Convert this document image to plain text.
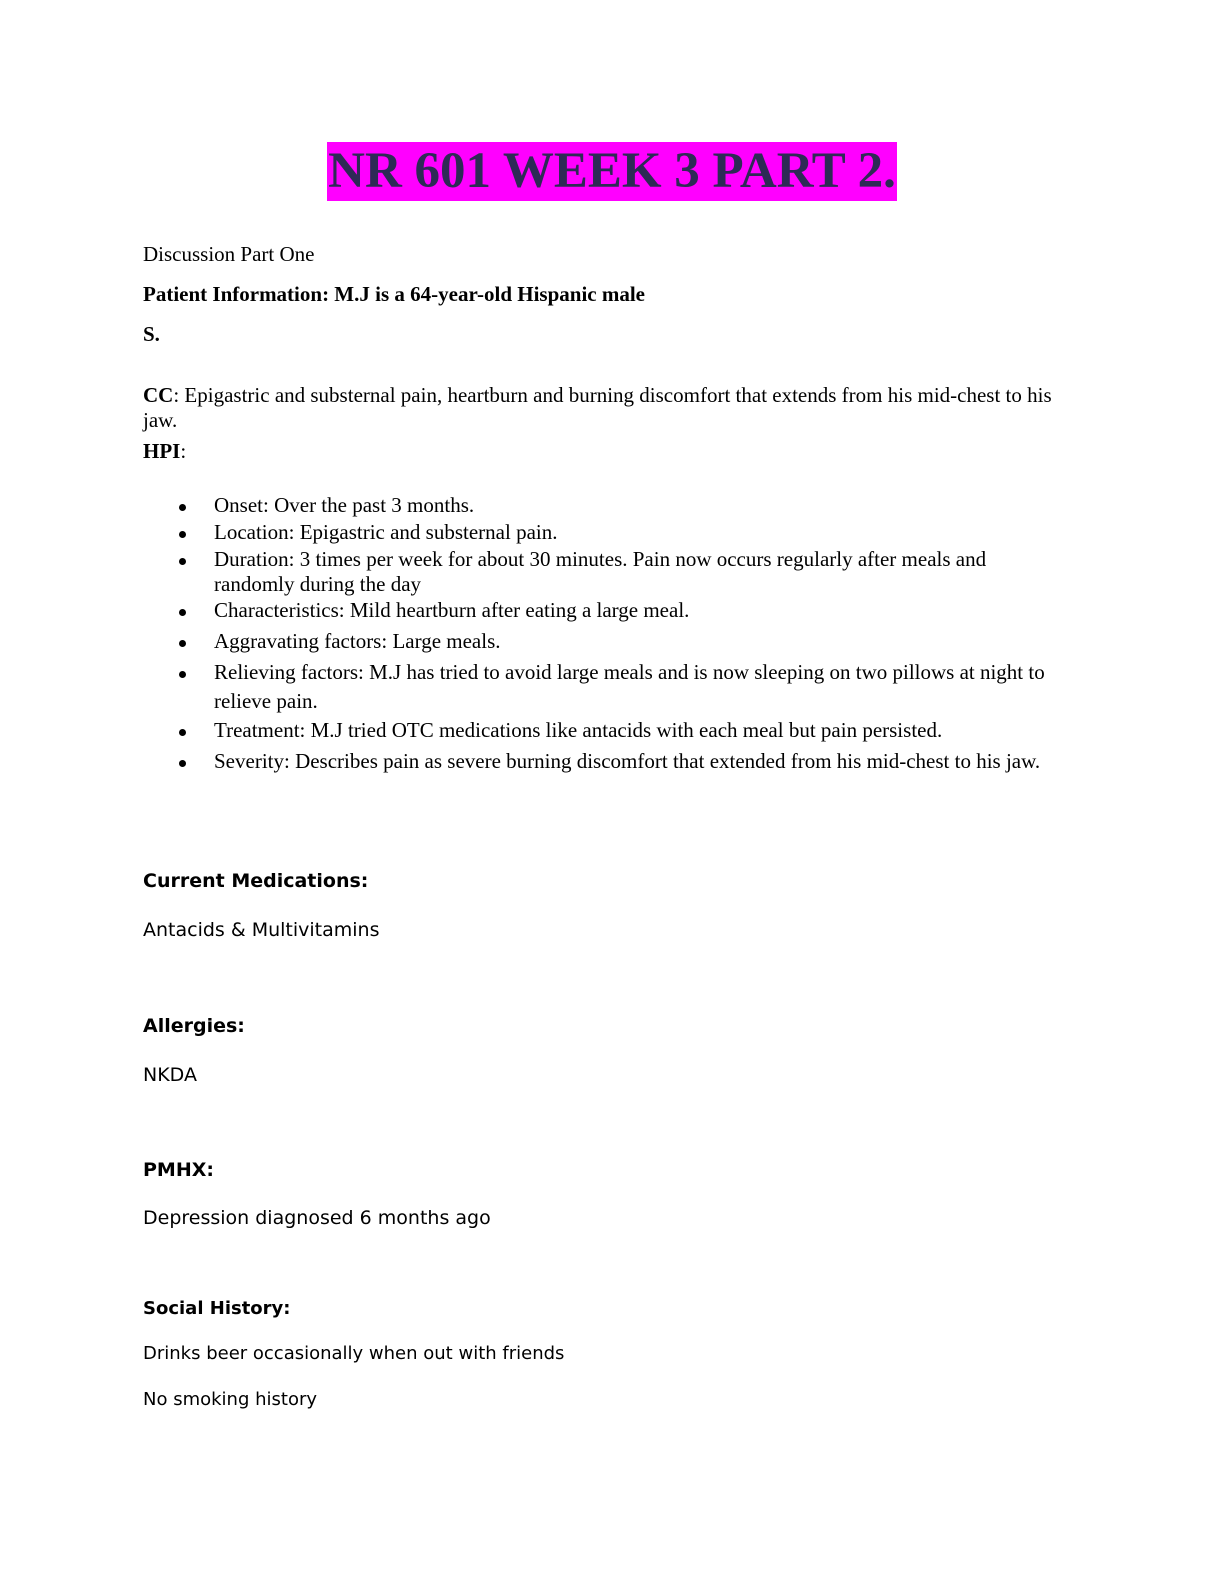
NR 601 WEEK 3 PART 2.

Discussion Part One

Patient Information: M.J is a 64-year-old Hispanic male

S.

CC: Epigastric and substernal pain, heartburn and burning discomfort that extends from his mid-chest to his jaw.

HPI:

Onset: Over the past 3 months.

Location: Epigastric and substernal pain.

Duration: 3 times per week for about 30 minutes. Pain now occurs regularly after meals and randomly during the day

Characteristics: Mild heartburn after eating a large meal.

Aggravating factors: Large meals.

Relieving factors: M.J has tried to avoid large meals and is now sleeping on two pillows at night to relieve pain.

Treatment: M.J tried OTC medications like antacids with each meal but pain persisted.

Severity: Describes pain as severe burning discomfort that extended from his mid-chest to his jaw.

Current Medications:

Antacids & Multivitamins

Allergies:

NKDA

PMHX:

Depression diagnosed 6 months ago

Social History:

Drinks beer occasionally when out with friends

No smoking history
